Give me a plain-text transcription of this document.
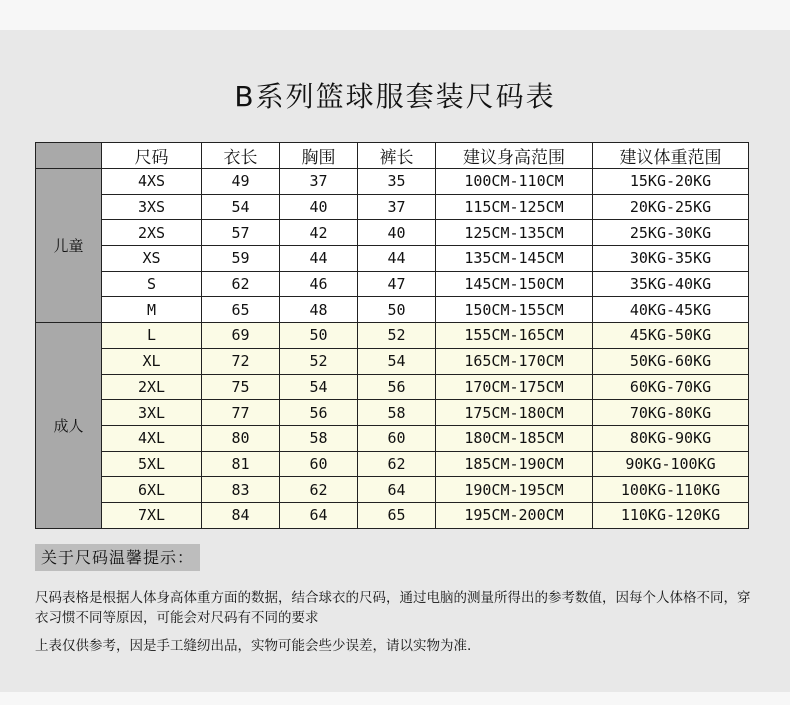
B系列篮球服套装尺码表
	尺码	衣长	胸围	裤长	建议身高范围	建议体重范围
儿童	4XS	49	37	35	100CM-110CM	15KG-20KG
	3XS	54	40	37	115CM-125CM	20KG-25KG
	2XS	57	42	40	125CM-135CM	25KG-30KG
	XS	59	44	44	135CM-145CM	30KG-35KG
	S	62	46	47	145CM-150CM	35KG-40KG
	M	65	48	50	150CM-155CM	40KG-45KG
成人	L	69	50	52	155CM-165CM	45KG-50KG
	XL	72	52	54	165CM-170CM	50KG-60KG
	2XL	75	54	56	170CM-175CM	60KG-70KG
	3XL	77	56	58	175CM-180CM	70KG-80KG
	4XL	80	58	60	180CM-185CM	80KG-90KG
	5XL	81	60	62	185CM-190CM	90KG-100KG
	6XL	83	62	64	190CM-195CM	100KG-110KG
	7XL	84	64	65	195CM-200CM	110KG-120KG
关于尺码温馨提示：
尺码表格是根据人体身高体重方面的数据，结合球衣的尺码，通过电脑的测量所得出的参考数值，因每个人体格不同，穿衣习惯不同等原因，可能会对尺码有不同的要求
上表仅供参考，因是手工缝纫出品，实物可能会些少误差，请以实物为准.
